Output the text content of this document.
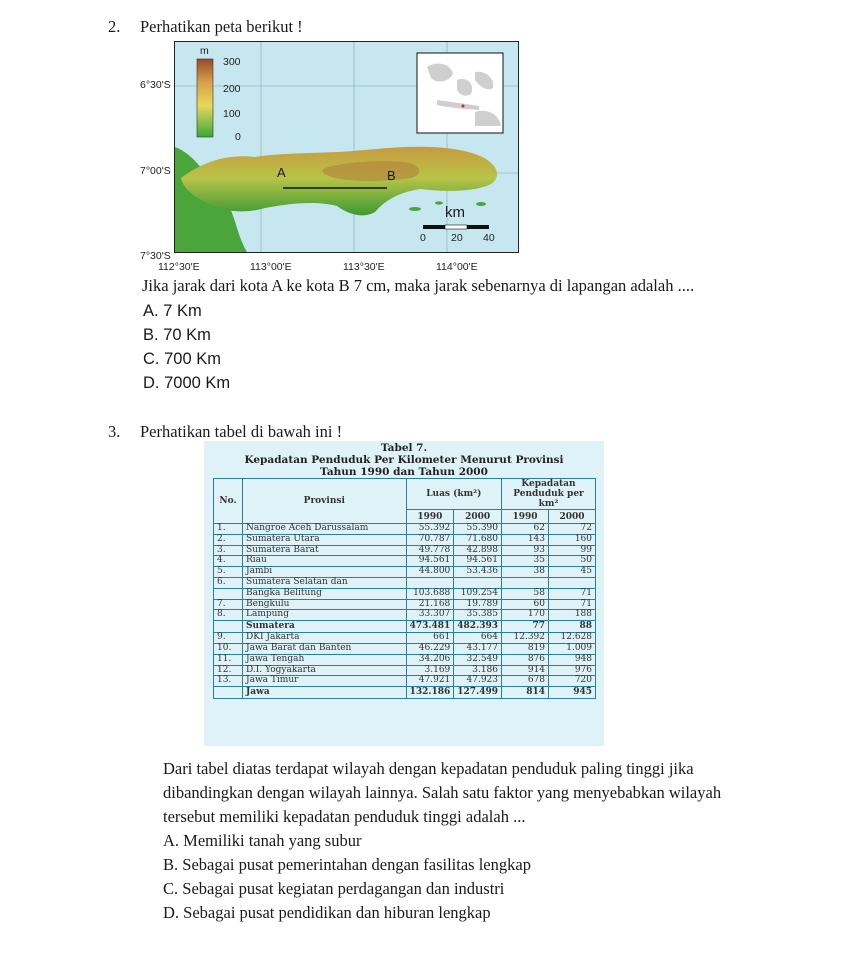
2. Perhatikan peta berikut !
6°30'S
7°00'S
7°30'S
112°30'E	113°00'E	113°30'E	114°00'E
m
300
200
100
0
A	B
km
0 20 40
Jika jarak dari kota A ke kota B 7 cm, maka jarak sebenarnya di lapangan adalah ....
A. 7 Km
B. 70 Km
C. 700 Km
D. 7000 Km
3. Perhatikan tabel di bawah ini !
Tabel 7.
Kepadatan Penduduk Per Kilometer Menurut Provinsi
Tahun 1990 dan Tahun 2000
No.	Provinsi	Luas (km²)		Kepadatan Penduduk per km²	
		1990	2000	1990	2000
1.	Nangroe Aceh Darussalam	55.392	55.390	62	72
2.	Sumatera Utara	70.787	71.680	143	160
3.	Sumatera Barat	49.778	42.898	93	99
4.	Riau	94.561	94.561	35	50
5.	Jambi	44.800	53.436	38	45
6.	Sumatera Selatan dan				
	Bangka Belitung	103.688	109.254	58	71
7.	Bengkulu	21.168	19.789	60	71
8.	Lampung	33.307	35.385	170	188
	Sumatera	473.481	482.393	77	88
9.	DKI Jakarta	661	664	12.392	12.628
10.	Jawa Barat dan Banten	46.229	43.177	819	1.009
11.	Jawa Tengah	34.206	32.549	876	948
12.	D.I. Yogyakarta	3.169	3.186	914	976
13.	Jawa Timur	47.921	47.923	678	720
	Jawa	132.186	127.499	814	945
Dari tabel diatas terdapat wilayah dengan kepadatan penduduk paling tinggi jika
dibandingkan dengan wilayah lainnya. Salah satu faktor yang menyebabkan wilayah
tersebut memiliki kepadatan penduduk tinggi adalah ...
A. Memiliki tanah yang subur
B. Sebagai pusat pemerintahan dengan fasilitas lengkap
C. Sebagai pusat kegiatan perdagangan dan industri
D. Sebagai pusat pendidikan dan hiburan lengkap
